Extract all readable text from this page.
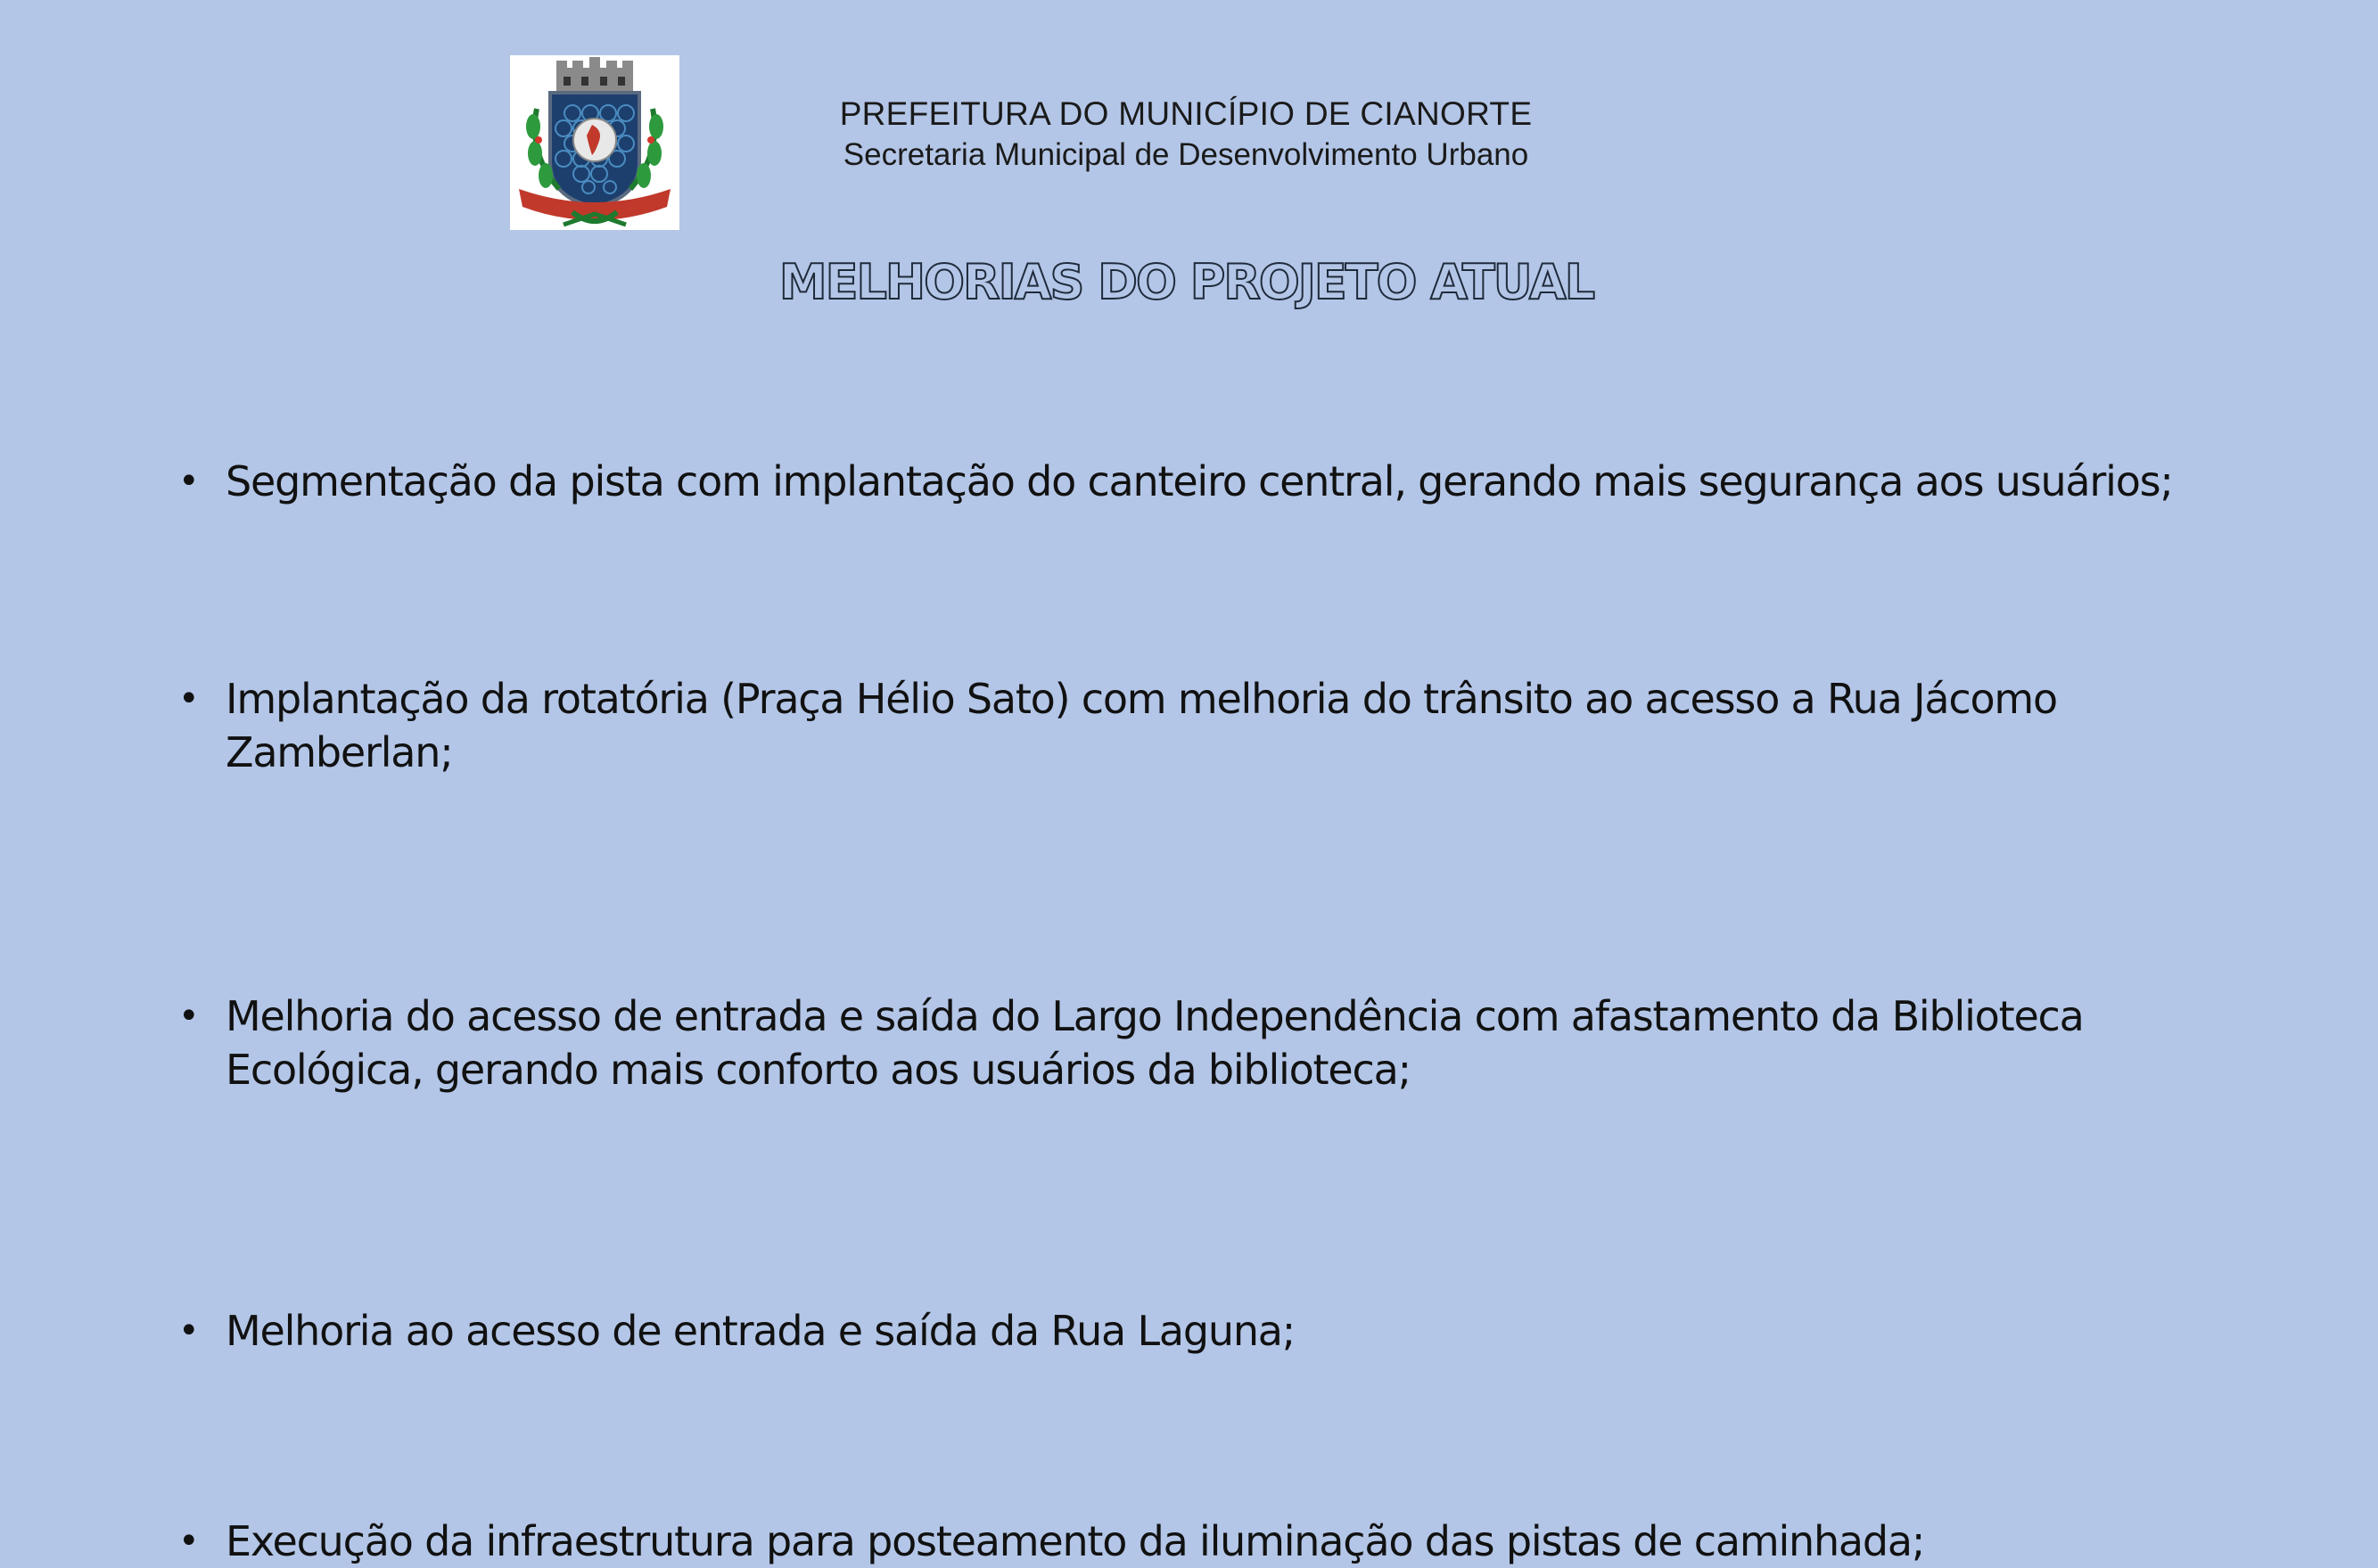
PREFEITURA DO MUNICÍPIO DE CIANORTE
Secretaria Municipal de Desenvolvimento Urbano
MELHORIAS DO PROJETO ATUAL
• Segmentação da pista com implantação do canteiro central, gerando mais segurança aos usuários;
• Implantação da rotatória (Praça Hélio Sato) com melhoria do trânsito ao acesso a Rua Jácomo Zamberlan;
• Melhoria do acesso de entrada e saída do Largo Independência com afastamento da Biblioteca Ecológica, gerando mais conforto aos usuários da biblioteca;
• Melhoria ao acesso de entrada e saída da Rua Laguna;
• Execução da infraestrutura para posteamento da iluminação das pistas de caminhada;
